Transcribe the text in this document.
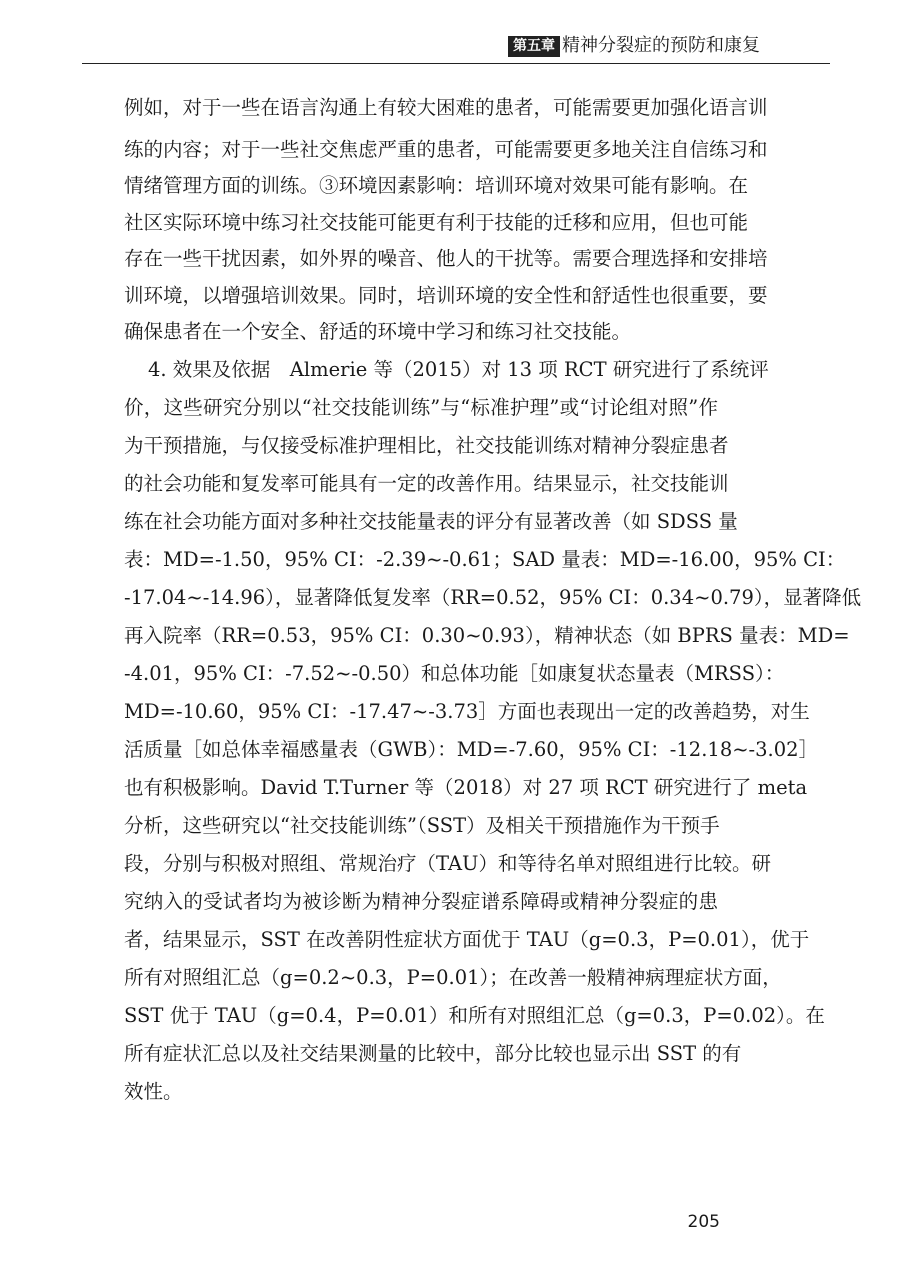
第五章 精神分裂症的预防和康复
例如，对于一些在语言沟通上有较大困难的患者，可能需要更加强化语言训
练的内容；对于一些社交焦虑严重的患者，可能需要更多地关注自信练习和
情绪管理方面的训练。③环境因素影响：培训环境对效果可能有影响。在
社区实际环境中练习社交技能可能更有利于技能的迁移和应用，但也可能
存在一些干扰因素，如外界的噪音、他人的干扰等。需要合理选择和安排培
训环境，以增强培训效果。同时，培训环境的安全性和舒适性也很重要，要
确保患者在一个安全、舒适的环境中学习和练习社交技能。
4. 效果及依据　Almerie 等（2015）对 13 项 RCT 研究进行了系统评
价，这些研究分别以“社交技能训练”与“标准护理”或“讨论组对照”作
为干预措施，与仅接受标准护理相比，社交技能训练对精神分裂症患者
的社会功能和复发率可能具有一定的改善作用。结果显示，社交技能训
练在社会功能方面对多种社交技能量表的评分有显著改善（如 SDSS 量
表：MD=-1.50，95% CI：-2.39~-0.61；SAD 量表：MD=-16.00，95% CI：
-17.04~-14.96），显著降低复发率（RR=0.52，95% CI：0.34~0.79），显著降低
再入院率（RR=0.53，95% CI：0.30~0.93），精神状态（如 BPRS 量表：MD=
-4.01，95% CI：-7.52~-0.50）和总体功能［如康复状态量表（MRSS）：
MD=-10.60，95% CI：-17.47~-3.73］方面也表现出一定的改善趋势，对生
活质量［如总体幸福感量表（GWB）：MD=-7.60，95% CI：-12.18~-3.02］
也有积极影响。David T.Turner 等（2018）对 27 项 RCT 研究进行了 meta
分析，这些研究以“社交技能训练”（SST）及相关干预措施作为干预手
段，分别与积极对照组、常规治疗（TAU）和等待名单对照组进行比较。研
究纳入的受试者均为被诊断为精神分裂症谱系障碍或精神分裂症的患
者，结果显示，SST 在改善阴性症状方面优于 TAU（g=0.3，P=0.01），优于
所有对照组汇总（g=0.2~0.3，P=0.01）；在改善一般精神病理症状方面，
SST 优于 TAU（g=0.4，P=0.01）和所有对照组汇总（g=0.3，P=0.02）。在
所有症状汇总以及社交结果测量的比较中，部分比较也显示出 SST 的有
效性。
205
